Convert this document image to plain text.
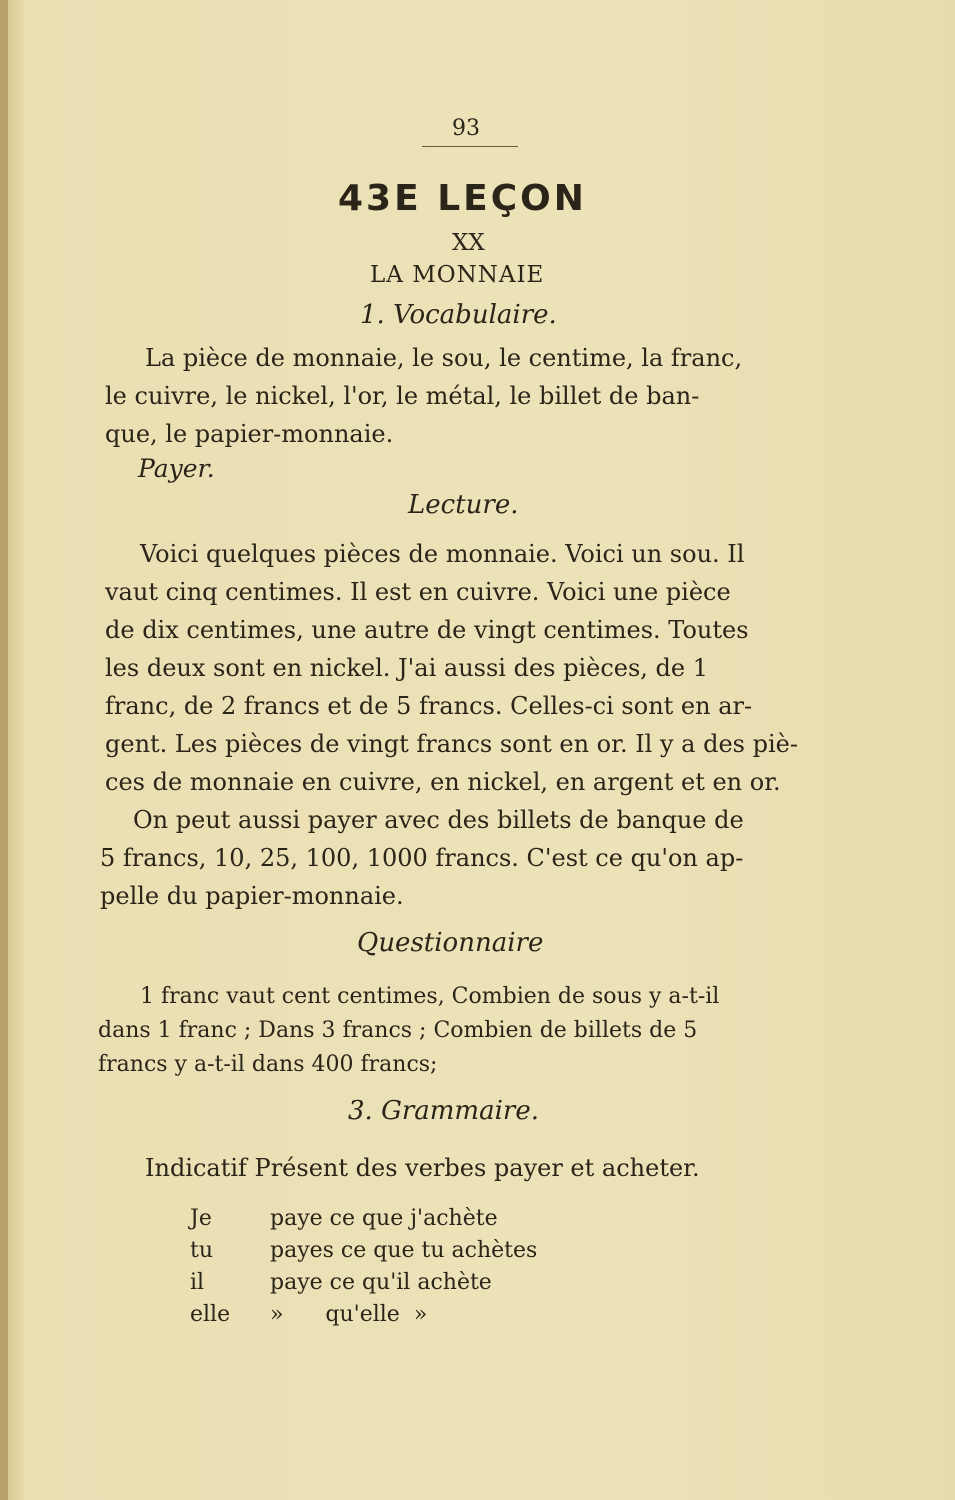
93
43E LEÇON
XX
LA MONNAIE
1. Vocabulaire.
La pièce de monnaie, le sou, le centime, la franc,
le cuivre, le nickel, l'or, le métal, le billet de ban-
que, le papier-monnaie.
Payer.
Lecture.
Voici quelques pièces de monnaie. Voici un sou. Il
vaut cinq centimes. Il est en cuivre. Voici une pièce
de dix centimes, une autre de vingt centimes. Toutes
les deux sont en nickel. J'ai aussi des pièces, de 1
franc, de 2 francs et de 5 francs. Celles-ci sont en ar-
gent. Les pièces de vingt francs sont en or. Il y a des piè-
ces de monnaie en cuivre, en nickel, en argent et en or.
On peut aussi payer avec des billets de banque de
5 francs, 10, 25, 100, 1000 francs. C'est ce qu'on ap-
pelle du papier-monnaie.
Questionnaire
1 franc vaut cent centimes, Combien de sous y a-t-il
dans 1 franc ; Dans 3 francs ; Combien de billets de 5
francs y a-t-il dans 400 francs;
3. Grammaire.
Indicatif Présent des verbes payer et acheter.
Je	paye ce que j'achète
tu	payes ce que tu achètes
il	paye ce qu'il achète
elle »      qu'elle  »
